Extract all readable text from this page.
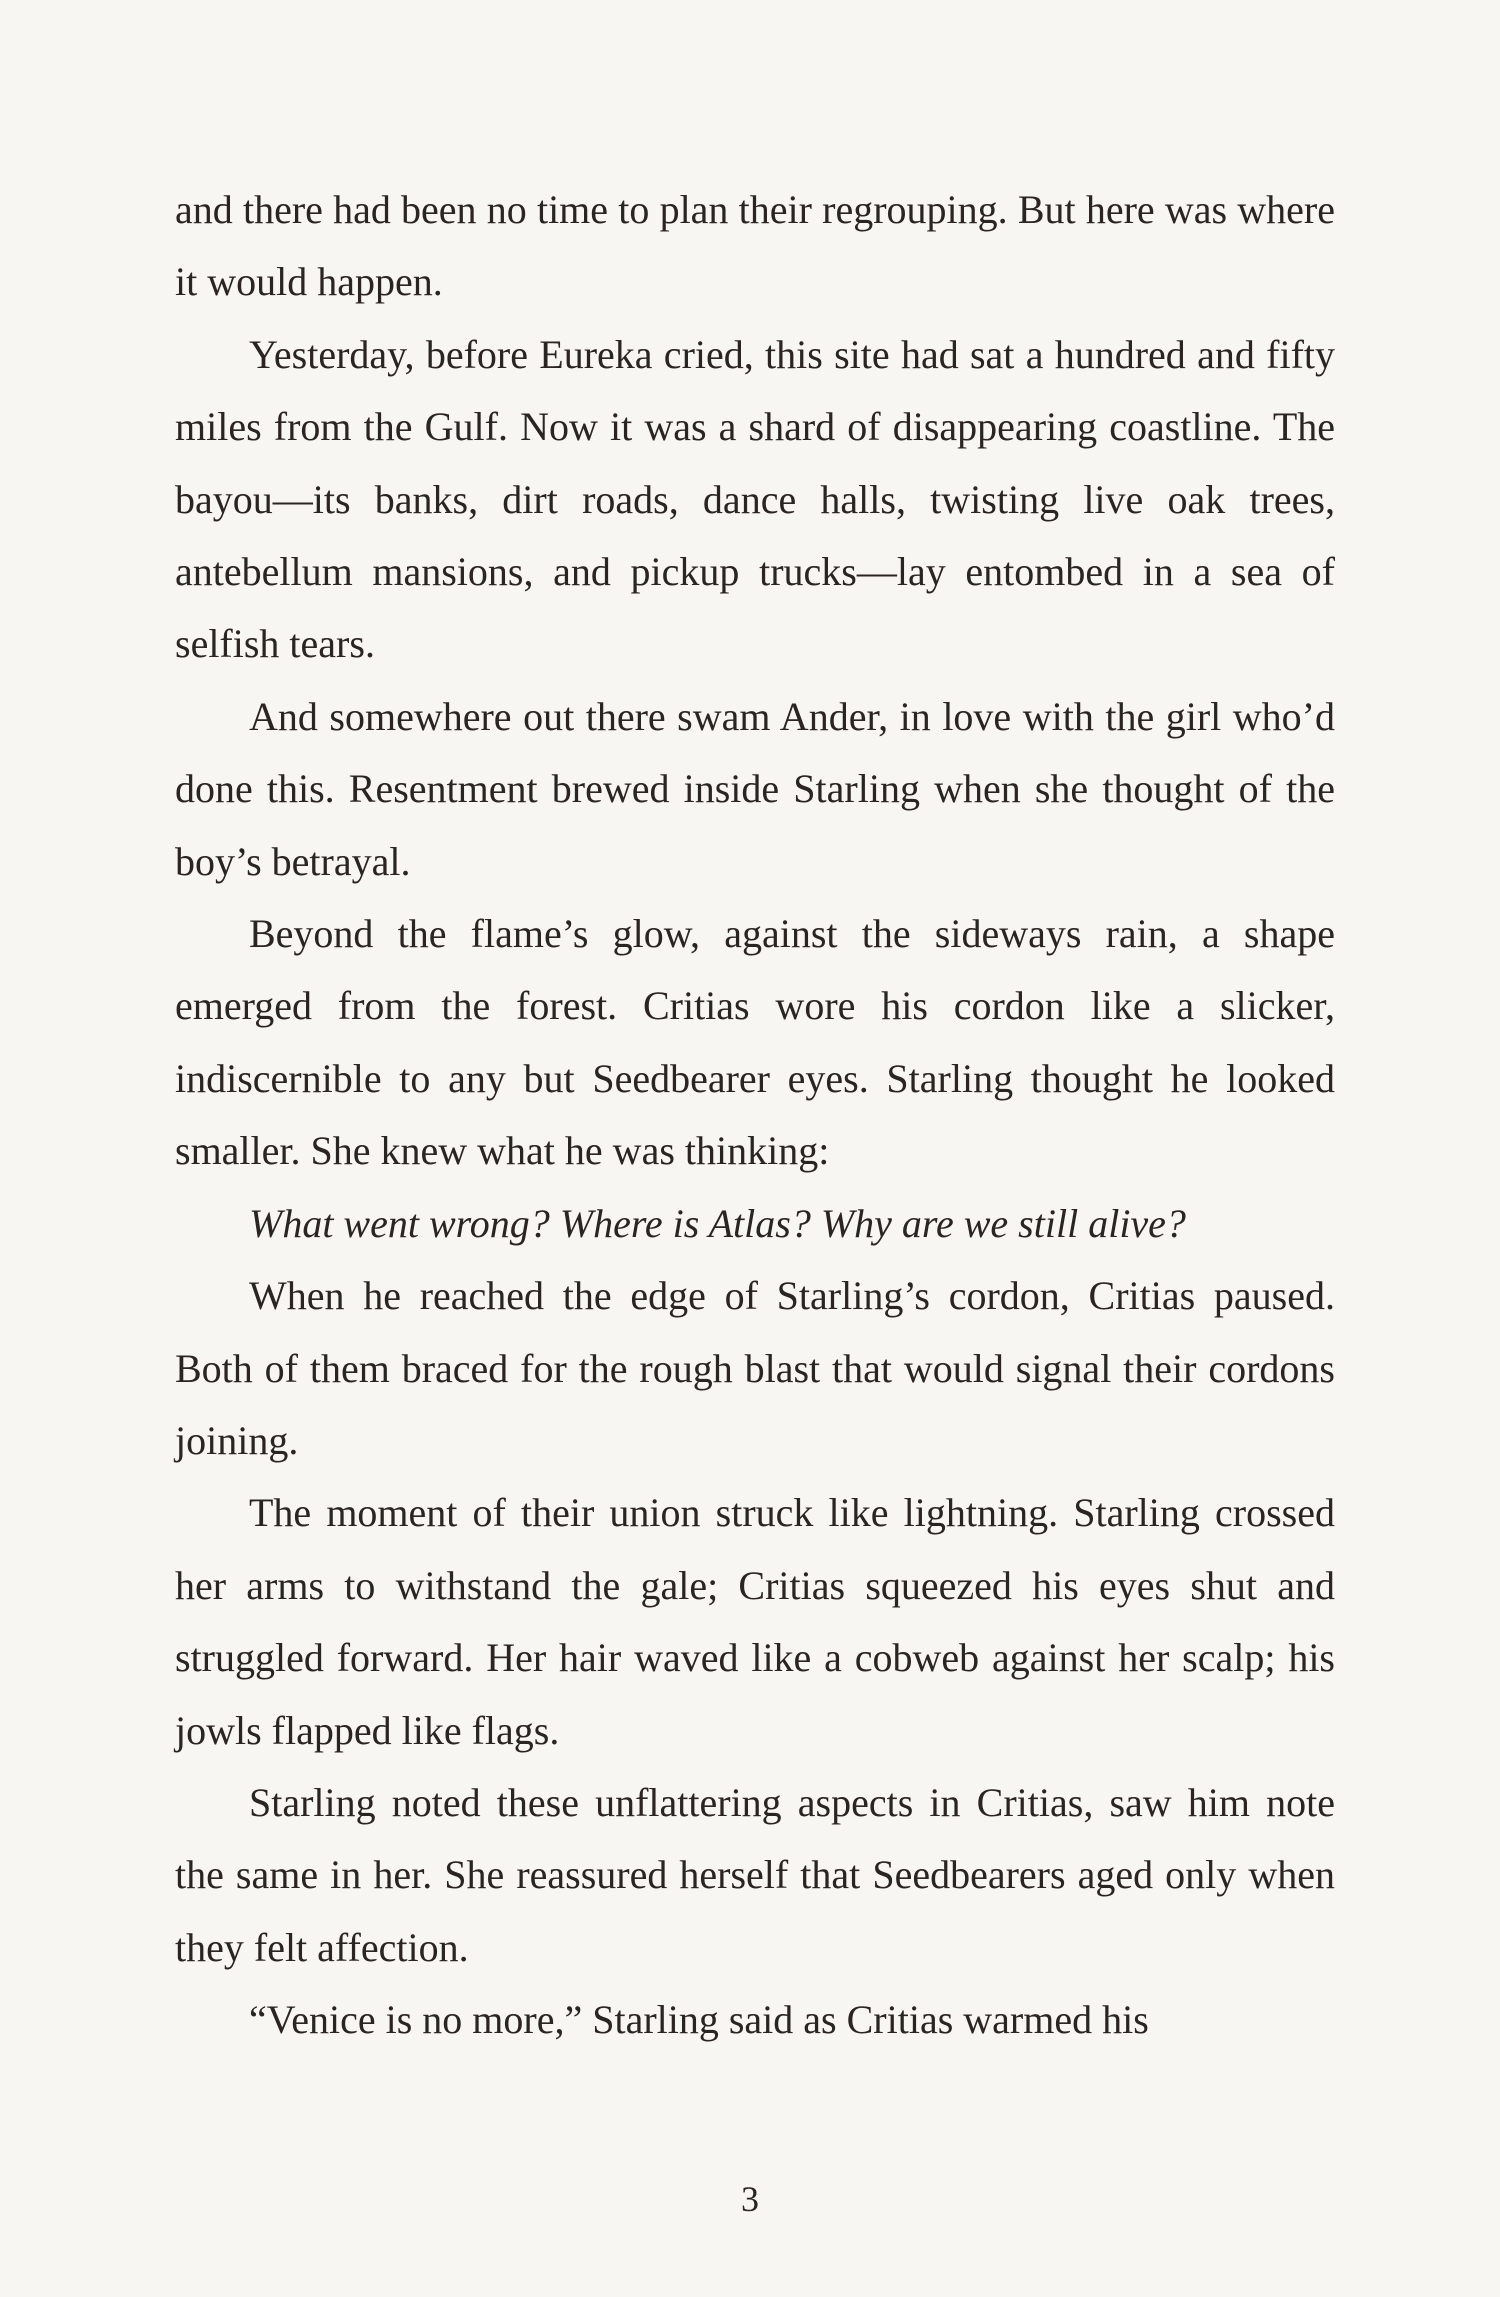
and there had been no time to plan their regrouping. But here was where it would happen.

Yesterday, before Eureka cried, this site had sat a hundred and fifty miles from the Gulf. Now it was a shard of disappearing coastline. The bayou—its banks, dirt roads, dance halls, twisting live oak trees, antebellum mansions, and pickup trucks—lay entombed in a sea of selfish tears.

And somewhere out there swam Ander, in love with the girl who’d done this. Resentment brewed inside Starling when she thought of the boy’s betrayal.

Beyond the flame’s glow, against the sideways rain, a shape emerged from the forest. Critias wore his cordon like a slicker, indiscernible to any but Seedbearer eyes. Starling thought he looked smaller. She knew what he was thinking:

What went wrong? Where is Atlas? Why are we still alive?

When he reached the edge of Starling’s cordon, Critias paused. Both of them braced for the rough blast that would signal their cordons joining.

The moment of their union struck like lightning. Starling crossed her arms to withstand the gale; Critias squeezed his eyes shut and struggled forward. Her hair waved like a cobweb against her scalp; his jowls flapped like flags.

Starling noted these unflattering aspects in Critias, saw him note the same in her. She reassured herself that Seedbearers aged only when they felt affection.

“Venice is no more,” Starling said as Critias warmed his

3
